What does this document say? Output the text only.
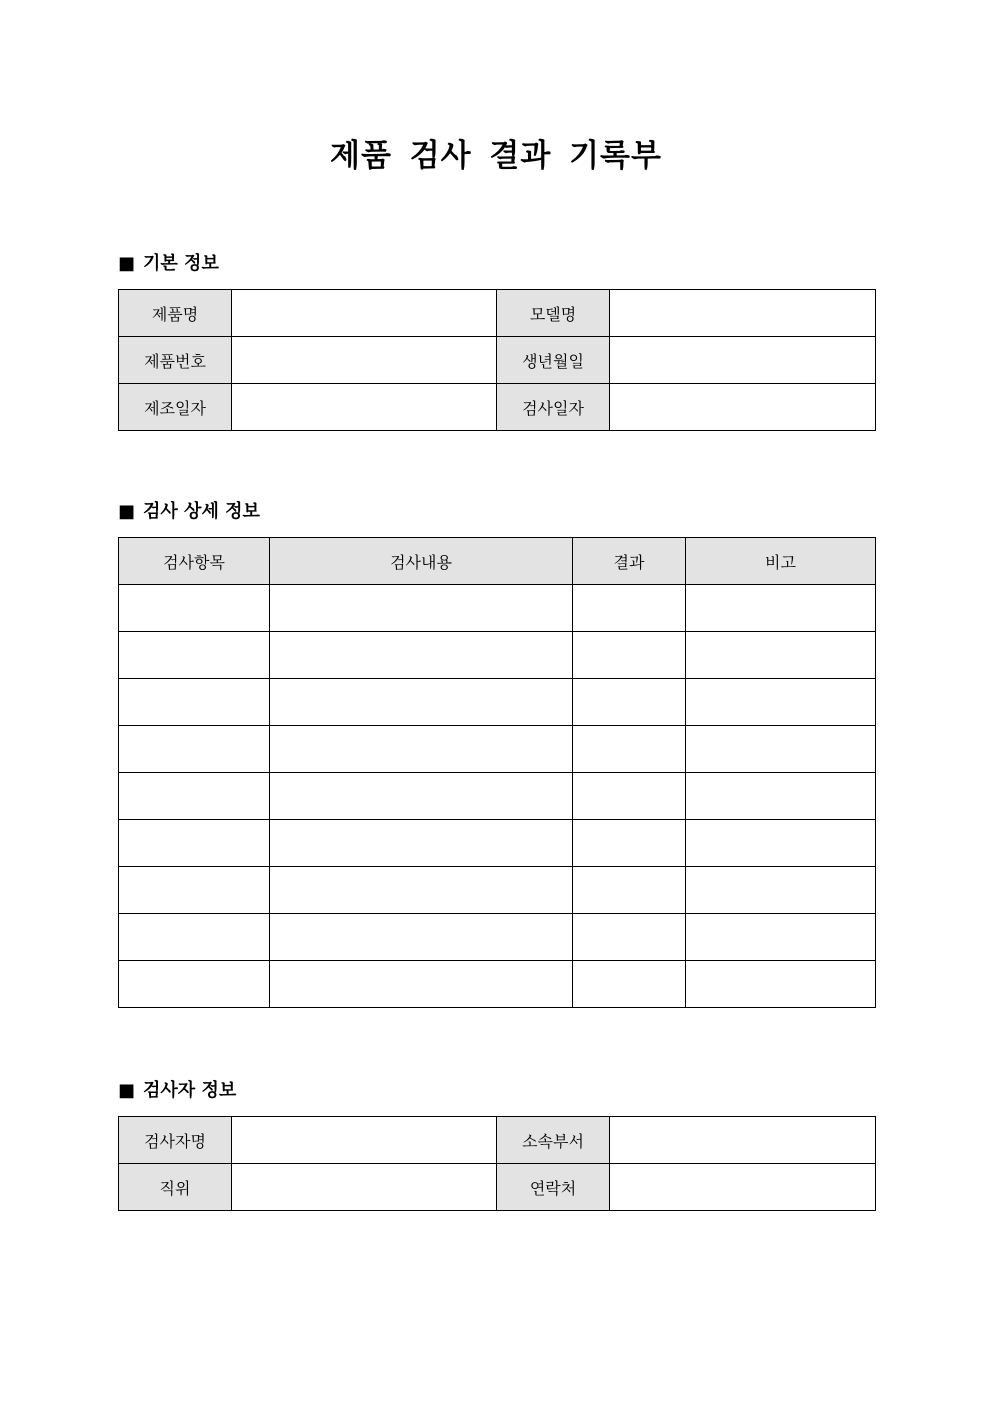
제품 검사 결과 기록부
■ 기본 정보
제품명		모델명	
제품번호		생년월일	
제조일자		검사일자	
■ 검사 상세 정보
검사항목	검사내용	결과	비고

■ 검사자 정보
검사자명		소속부서	
직위		연락처	
